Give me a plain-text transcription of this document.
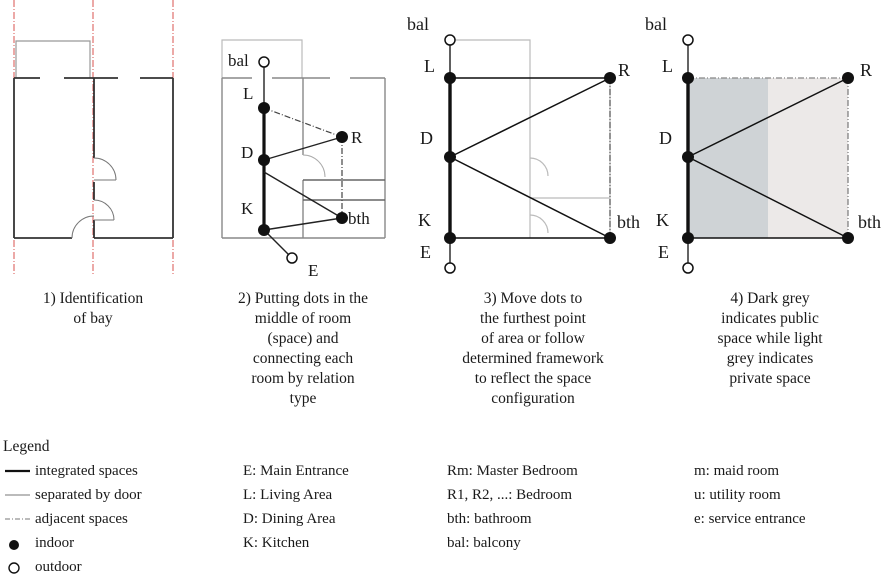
bal
L
D
K
R
bth
E
bal
L
D
K
E
R
bth
bal
L
D
K
E
R
bth
1) Identification
of bay
2) Putting dots in the
middle of room
(space) and
connecting each
room by relation
type
3) Move dots to
the furthest point
of area or follow
determined framework
to reflect the space
configuration
4) Dark grey
indicates public
space while light
grey indicates
private space
Legend
integrated spaces
separated by door
adjacent spaces
indoor
outdoor
E: Main Entrance
L: Living Area
D: Dining Area
K: Kitchen
Rm: Master Bedroom
R1, R2, ...: Bedroom
bth: bathroom
bal: balcony
m: maid room
u: utility room
e: service entrance
